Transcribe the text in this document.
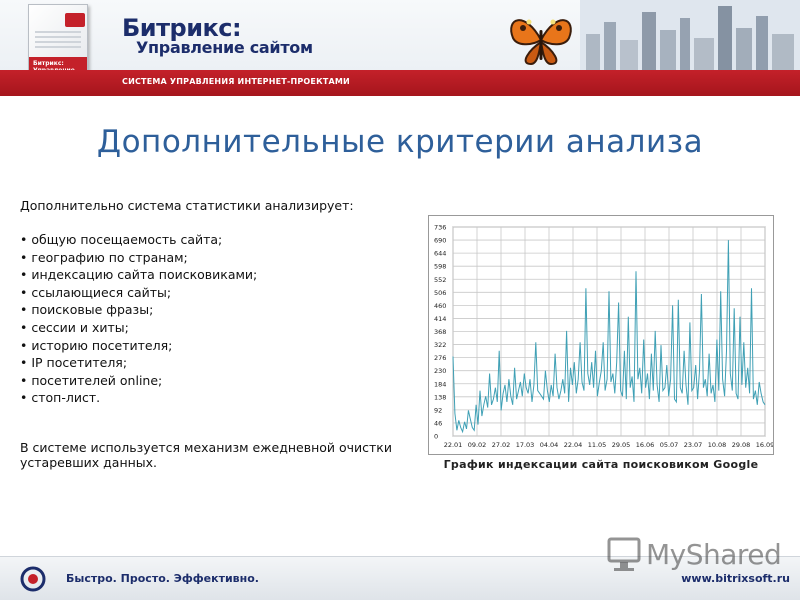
Битрикс:
Битрикс:
Управление сайтом
СИСТЕМА УПРАВЛЕНИЯ ИНТЕРНЕТ-ПРОЕКТАМИ
Дополнительные критерии анализа
Дополнительно система статистики анализирует:
• общую посещаемость сайта;
• географию по странам;
• индексацию сайта поисковиками;
• ссылающиеся сайты;
• поисковые фразы;
• сессии и хиты;
• историю посетителя;
• IP посетителя;
• посетителей online;
• стоп-лист.
В системе используется механизм ежедневной очистки устаревших данных.
0
46
92
138
184
230
276
322
368
414
460
506
552
598
644
690
736
22.01 09.02 27.02 17.03 04.04 22.04 11.05 29.05 16.06 05.07 23.07 10.08 29.08 16.09
График индексации сайта поисковиком Google
Быстро. Просто. Эффективно.	www.bitrixsoft.ru
MyShared
